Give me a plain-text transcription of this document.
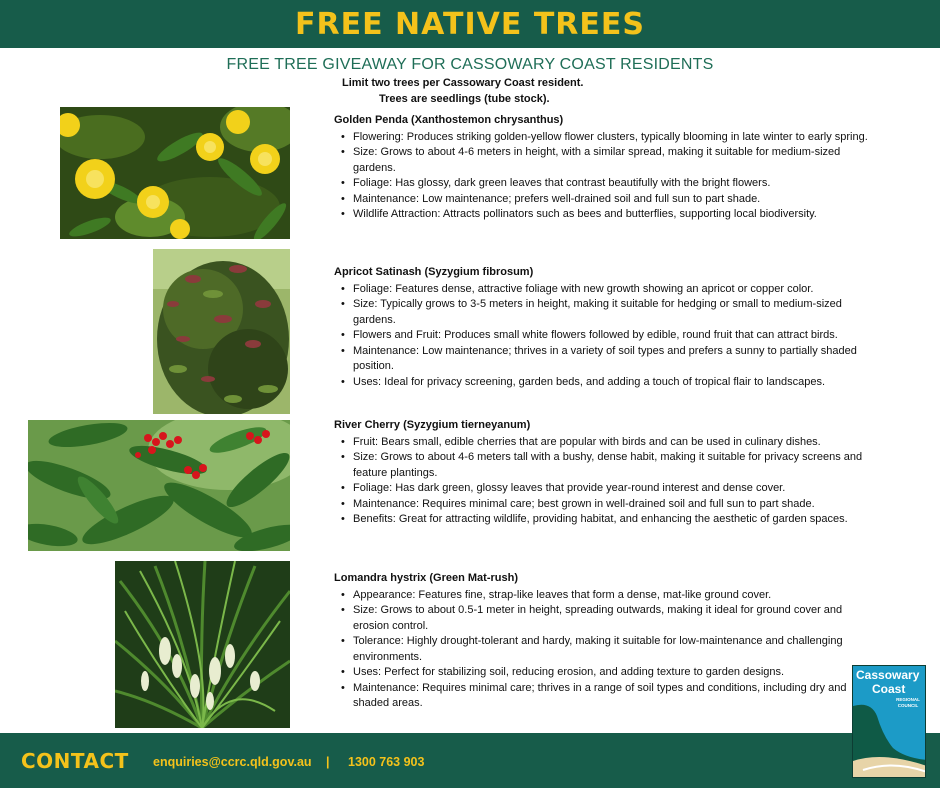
FREE NATIVE TREES
FREE TREE GIVEAWAY FOR CASSOWARY COAST RESIDENTS
Limit two trees per Cassowary Coast resident.
Trees are seedlings (tube stock).
Golden Penda (Xanthostemon chrysanthus)
• Flowering: Produces striking golden-yellow flower clusters, typically blooming in late winter to early spring.
• Size: Grows to about 4-6 meters in height, with a similar spread, making it suitable for medium-sized gardens.
• Foliage: Has glossy, dark green leaves that contrast beautifully with the bright flowers.
• Maintenance: Low maintenance; prefers well-drained soil and full sun to part shade.
• Wildlife Attraction: Attracts pollinators such as bees and butterflies, supporting local biodiversity.
Apricot Satinash (Syzygium fibrosum)
• Foliage: Features dense, attractive foliage with new growth showing an apricot or copper color.
• Size: Typically grows to 3-5 meters in height, making it suitable for hedging or small to medium-sized gardens.
• Flowers and Fruit: Produces small white flowers followed by edible, round fruit that can attract birds.
• Maintenance: Low maintenance; thrives in a variety of soil types and prefers a sunny to partially shaded position.
• Uses: Ideal for privacy screening, garden beds, and adding a touch of tropical flair to landscapes.
River Cherry (Syzygium tierneyanum)
• Fruit: Bears small, edible cherries that are popular with birds and can be used in culinary dishes.
• Size: Grows to about 4-6 meters tall with a bushy, dense habit, making it suitable for privacy screens and feature plantings.
• Foliage: Has dark green, glossy leaves that provide year-round interest and dense cover.
• Maintenance: Requires minimal care; best grown in well-drained soil and full sun to part shade.
• Benefits: Great for attracting wildlife, providing habitat, and enhancing the aesthetic of garden spaces.
Lomandra hystrix (Green Mat-rush)
• Appearance: Features fine, strap-like leaves that form a dense, mat-like ground cover.
• Size: Grows to about 0.5-1 meter in height, spreading outwards, making it ideal for ground cover and erosion control.
• Tolerance: Highly drought-tolerant and hardy, making it suitable for low-maintenance and challenging environments.
• Uses: Perfect for stabilizing soil, reducing erosion, and adding texture to garden designs.
• Maintenance: Requires minimal care; thrives in a range of soil types and conditions, including dry and shaded areas.
CONTACT enquiries@ccrc.qld.gov.au | 1300 763 903
Cassowary
Coast
REGIONAL COUNCIL
